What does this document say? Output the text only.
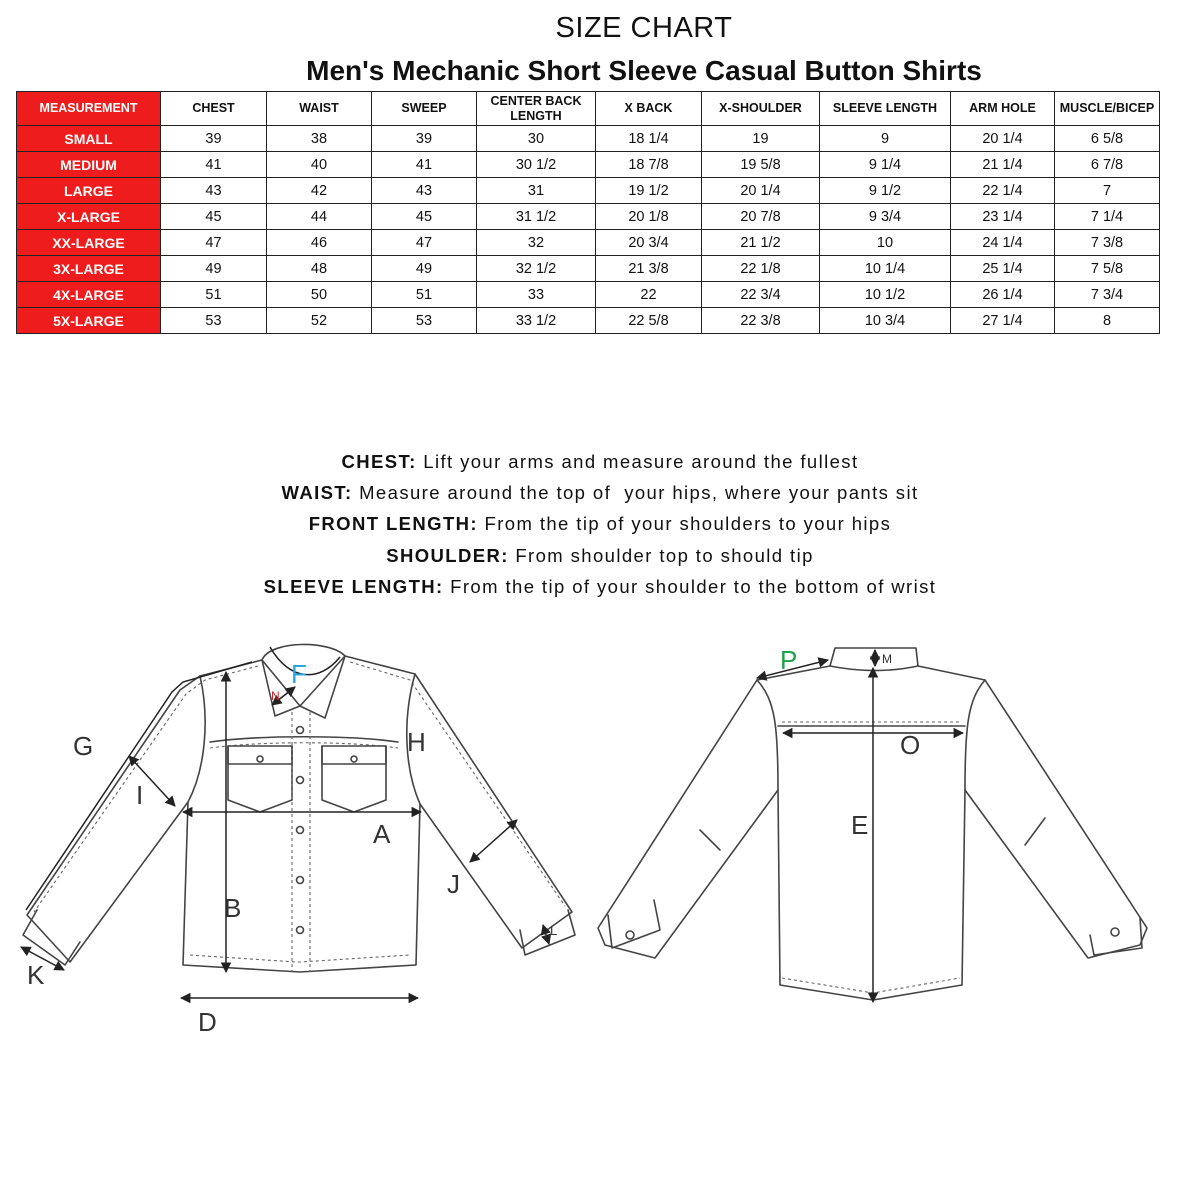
SIZE CHART
Men's Mechanic Short Sleeve Casual Button Shirts
MEASUREMENT	CHEST	WAIST	SWEEP	CENTER BACK LENGTH	X BACK	X-SHOULDER	SLEEVE LENGTH	ARM HOLE	MUSCLE/BICEP
SMALL	39	38	39	30	18 1/4	19	9	20 1/4	6 5/8
MEDIUM	41	40	41	30 1/2	18 7/8	19 5/8	9 1/4	21 1/4	6 7/8
LARGE	43	42	43	31	19 1/2	20 1/4	9 1/2	22 1/4	7
X-LARGE	45	44	45	31 1/2	20 1/8	20 7/8	9 3/4	23 1/4	7 1/4
XX-LARGE	47	46	47	32	20 3/4	21 1/2	10	24 1/4	7 3/8
3X-LARGE	49	48	49	32 1/2	21 3/8	22 1/8	10 1/4	25 1/4	7 5/8
4X-LARGE	51	50	51	33	22	22 3/4	10 1/2	26 1/4	7 3/4
5X-LARGE	53	52	53	33 1/2	22 5/8	22 3/8	10 3/4	27 1/4	8
CHEST: Lift your arms and measure around the fullest
WAIST: Measure around the top of  your hips, where your pants sit
FRONT LENGTH: From the tip of your shoulders to your hips
SHOULDER: From shoulder top to should tip
SLEEVE LENGTH: From the tip of your shoulder to the bottom of wrist
A
B
D
F
G	H
I
J
K
L
N
E
M
O
P
